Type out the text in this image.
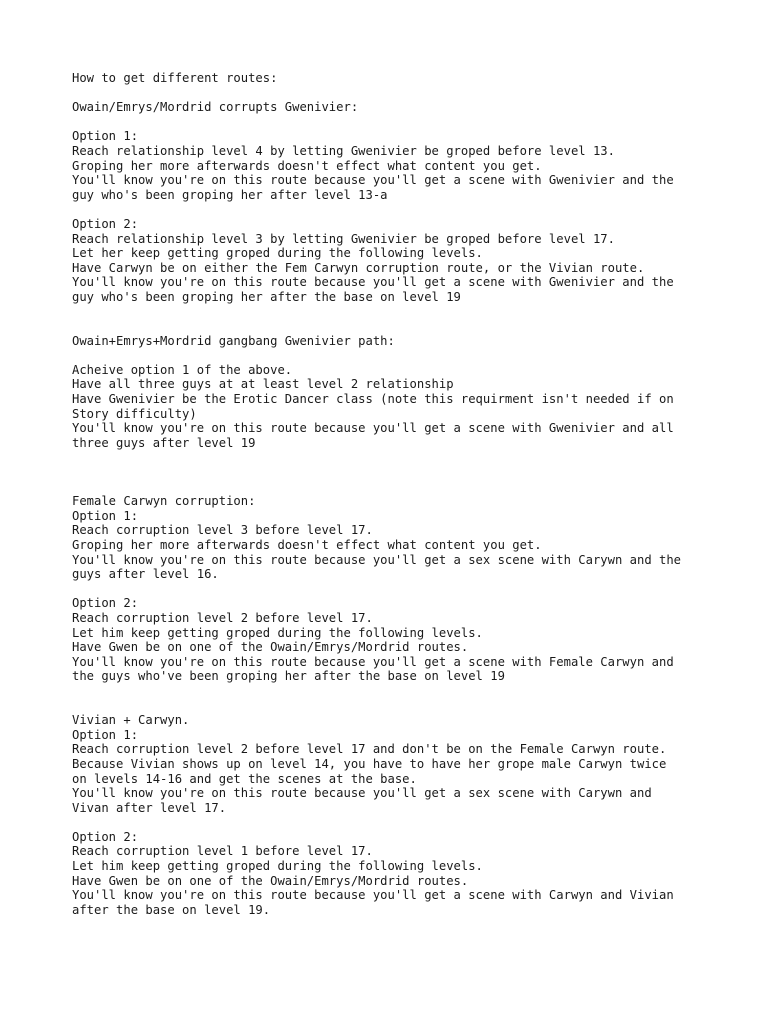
How to get different routes:
Owain/Emrys/Mordrid corrupts Gwenivier:
Option 1:
Reach relationship level 4 by letting Gwenivier be groped before level 13.
Groping her more afterwards doesn't effect what content you get.
You'll know you're on this route because you'll get a scene with Gwenivier and the
guy who's been groping her after level 13-a
Option 2:
Reach relationship level 3 by letting Gwenivier be groped before level 17.
Let her keep getting groped during the following levels.
Have Carwyn be on either the Fem Carwyn corruption route, or the Vivian route.
You'll know you're on this route because you'll get a scene with Gwenivier and the
guy who's been groping her after the base on level 19
Owain+Emrys+Mordrid gangbang Gwenivier path:
Acheive option 1 of the above.
Have all three guys at at least level 2 relationship
Have Gwenivier be the Erotic Dancer class (note this requirment isn't needed if on
Story difficulty)
You'll know you're on this route because you'll get a scene with Gwenivier and all
three guys after level 19
Female Carwyn corruption:
Option 1:
Reach corruption level 3 before level 17.
Groping her more afterwards doesn't effect what content you get.
You'll know you're on this route because you'll get a sex scene with Carywn and the
guys after level 16.
Option 2:
Reach corruption level 2 before level 17.
Let him keep getting groped during the following levels.
Have Gwen be on one of the Owain/Emrys/Mordrid routes.
You'll know you're on this route because you'll get a scene with Female Carwyn and
the guys who've been groping her after the base on level 19
Vivian + Carwyn.
Option 1:
Reach corruption level 2 before level 17 and don't be on the Female Carwyn route.
Because Vivian shows up on level 14, you have to have her grope male Carwyn twice
on levels 14-16 and get the scenes at the base.
You'll know you're on this route because you'll get a sex scene with Carywn and
Vivan after level 17.
Option 2:
Reach corruption level 1 before level 17.
Let him keep getting groped during the following levels.
Have Gwen be on one of the Owain/Emrys/Mordrid routes.
You'll know you're on this route because you'll get a scene with Carwyn and Vivian
after the base on level 19.
